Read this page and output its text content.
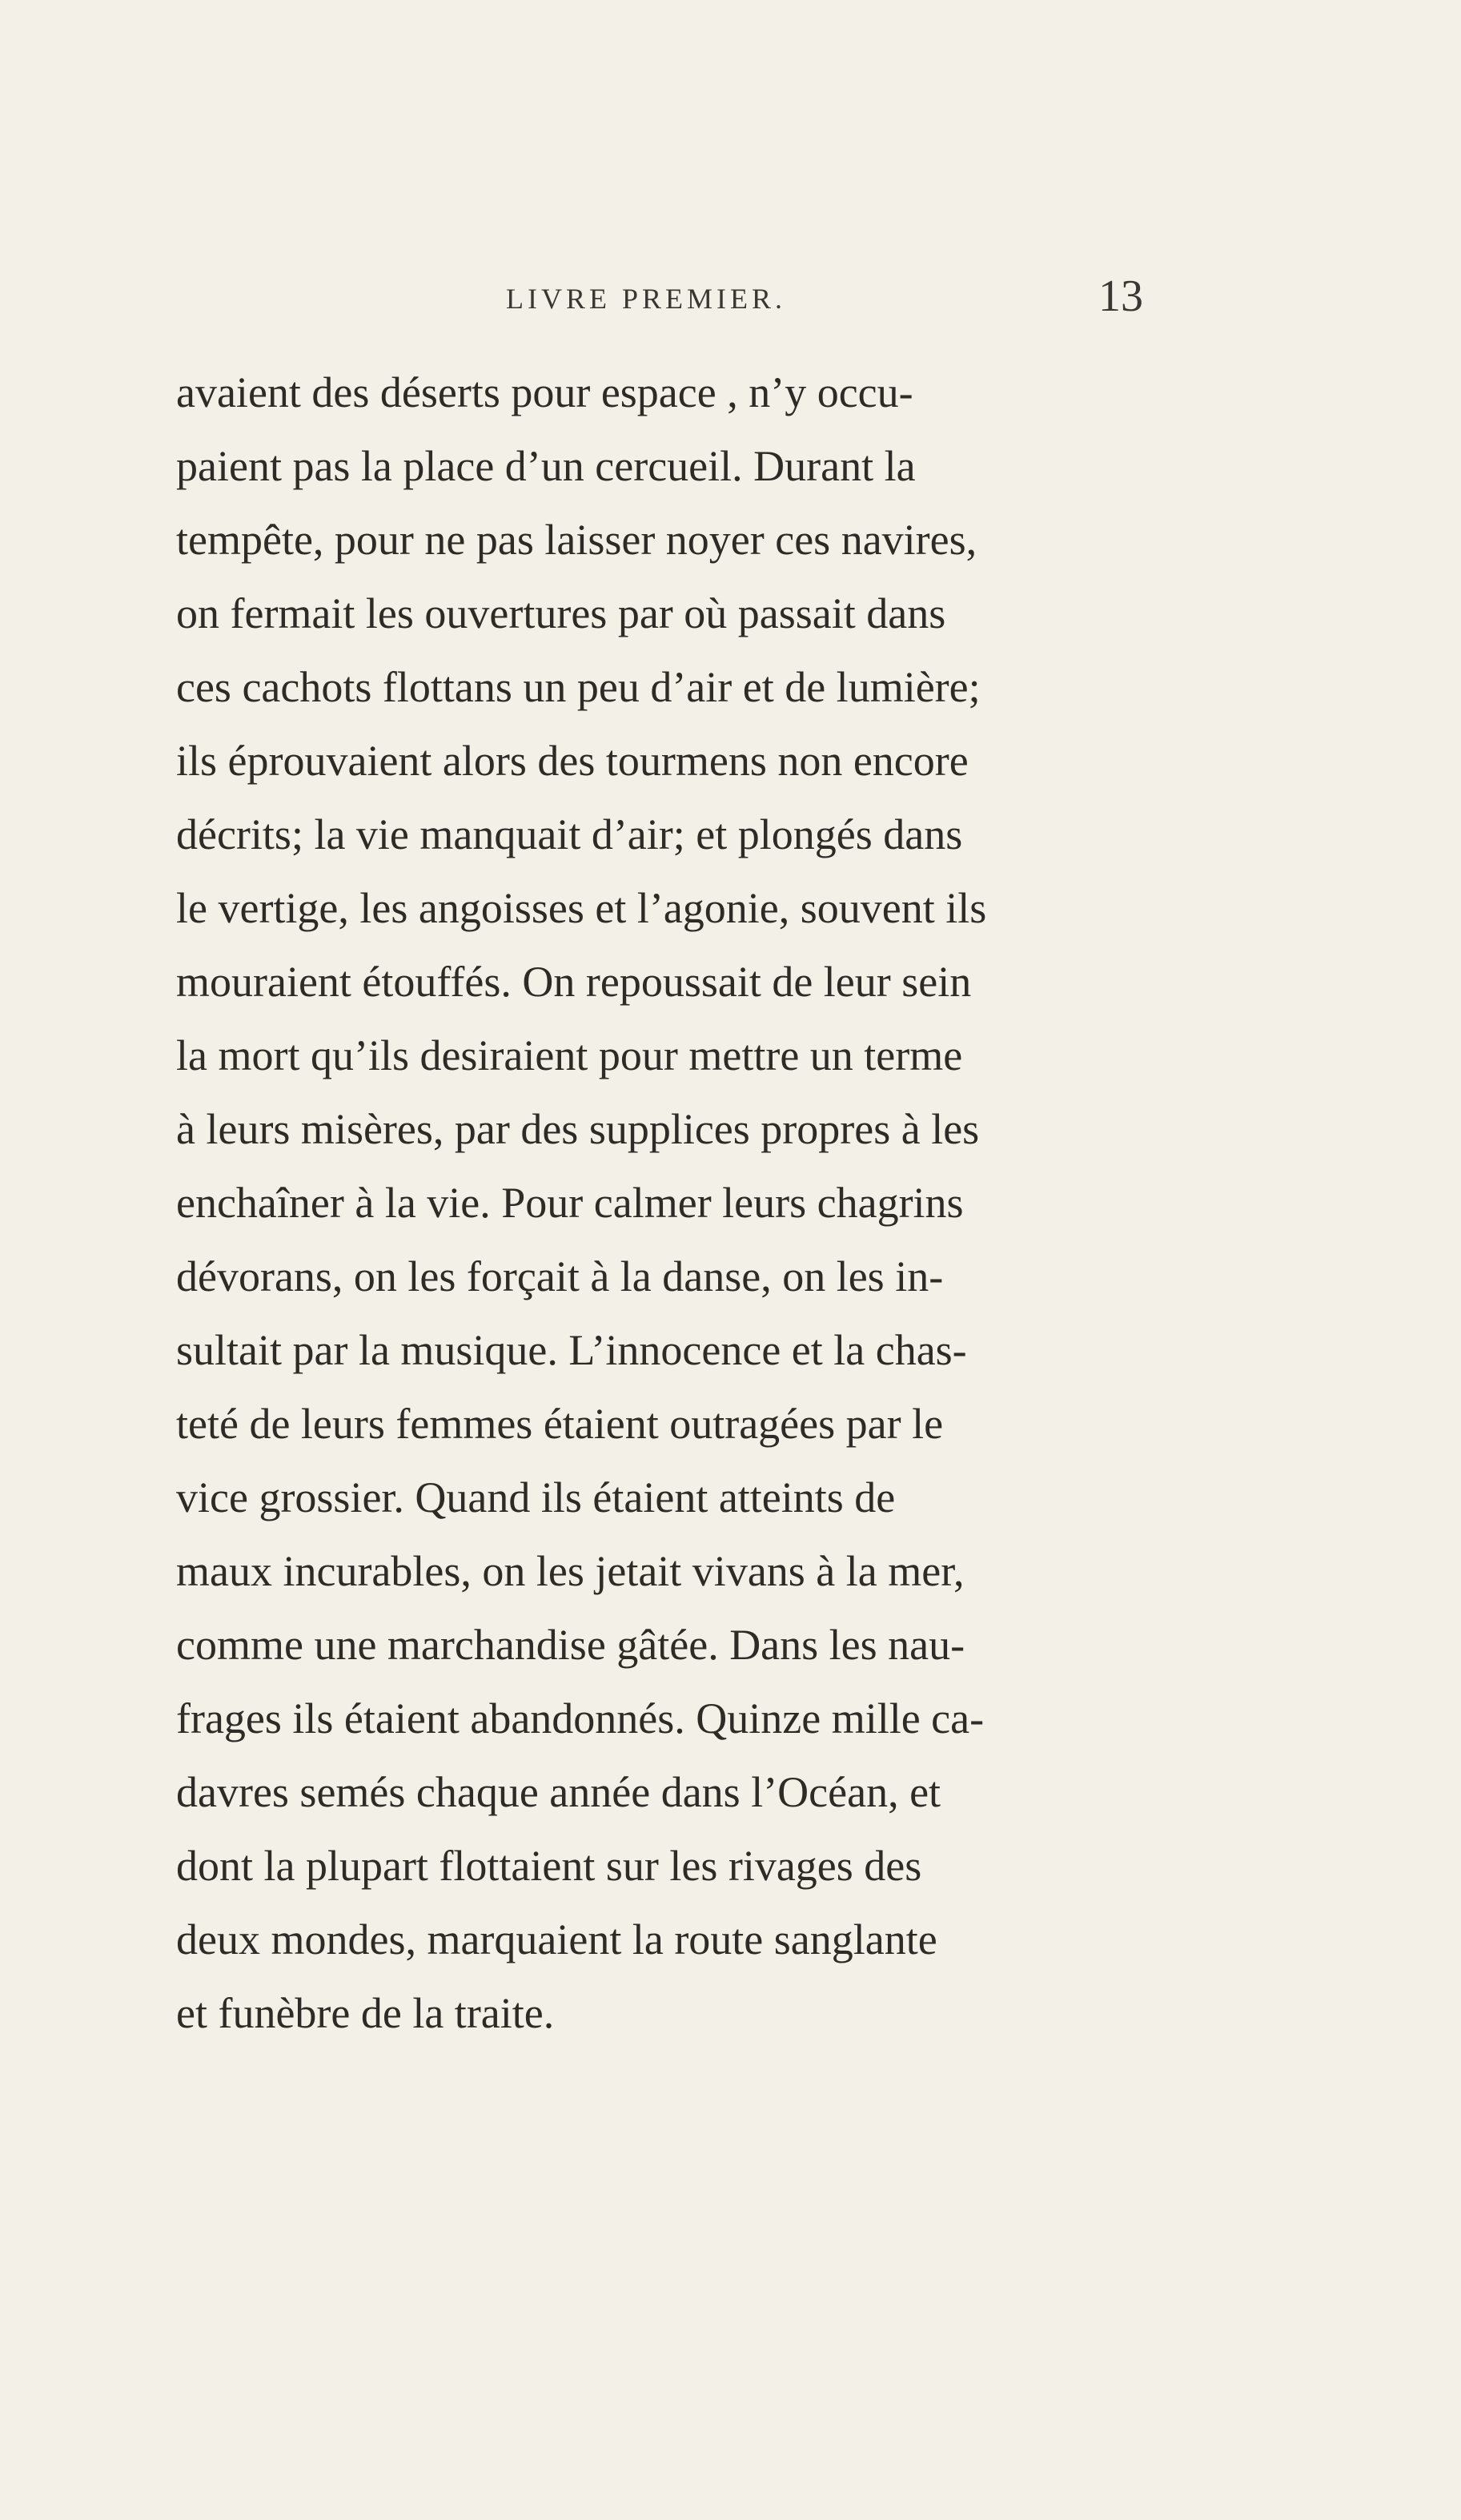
LIVRE PREMIER.	13
avaient des déserts pour espace , n’y occu-
paient pas la place d’un cercueil. Durant la
tempête, pour ne pas laisser noyer ces navires,
on fermait les ouvertures par où passait dans
ces cachots flottans un peu d’air et de lumière;
ils éprouvaient alors des tourmens non encore
décrits; la vie manquait d’air; et plongés dans
le vertige, les angoisses et l’agonie, souvent ils
mouraient étouffés. On repoussait de leur sein
la mort qu’ils desiraient pour mettre un terme
à leurs misères, par des supplices propres à les
enchaîner à la vie. Pour calmer leurs chagrins
dévorans, on les forçait à la danse, on les in-
sultait par la musique. L’innocence et la chas-
teté de leurs femmes étaient outragées par le
vice grossier. Quand ils étaient atteints de
maux incurables, on les jetait vivans à la mer,
comme une marchandise gâtée. Dans les nau-
frages ils étaient abandonnés. Quinze mille ca-
davres semés chaque année dans l’Océan, et
dont la plupart flottaient sur les rivages des
deux mondes, marquaient la route sanglante
et funèbre de la traite.
